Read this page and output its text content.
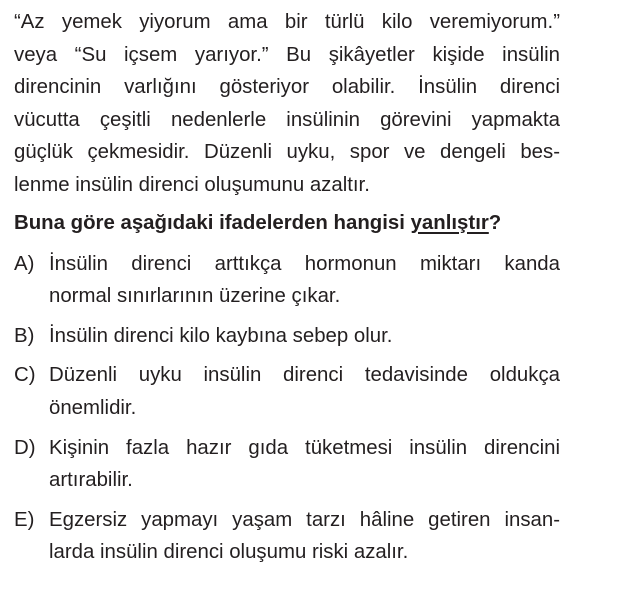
“Az yemek yiyorum ama bir türlü kilo veremiyorum.”
veya “Su içsem yarıyor.” Bu şikâyetler kişide insülin
direncinin varlığını gösteriyor olabilir. İnsülin direnci
vücutta çeşitli nedenlerle insülinin görevini yapmakta
güçlük çekmesidir. Düzenli uyku, spor ve dengeli bes-
lenme insülin direnci oluşumunu azaltır.
Buna göre aşağıdaki ifadelerden hangisi yanlıştır?
A) İnsülin direnci arttıkça hormonun miktarı kanda
normal sınırlarının üzerine çıkar.
B) İnsülin direnci kilo kaybına sebep olur.
C) Düzenli uyku insülin direnci tedavisinde oldukça
önemlidir.
D) Kişinin fazla hazır gıda tüketmesi insülin direncini
artırabilir.
E) Egzersiz yapmayı yaşam tarzı hâline getiren insan-
larda insülin direnci oluşumu riski azalır.
